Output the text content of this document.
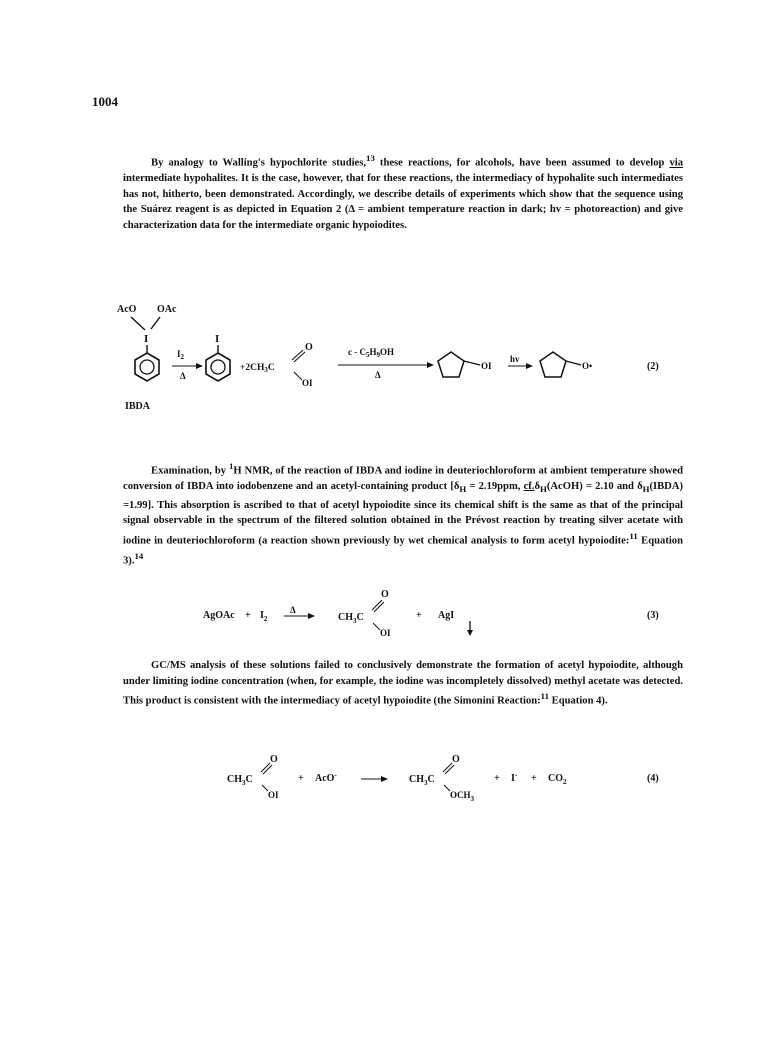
1004

By analogy to Walling's hypochlorite studies,$^{13}$ these reactions, for alcohols, have been assumed to develop via intermediate hypohalites. It is the case, however, that for these reactions, the intermediacy of hypohalite such intermediates has not, hitherto, been demonstrated. Accordingly, we describe details of experiments which show that the sequence using the Suárez reagent is as depicted in Equation 2 (Δ = ambient temperature reaction in dark; hv = photoreaction) and give characterization data for the intermediate organic hypoiodites.

AcO OAc
I
IBDA
$I_2$
Δ
I
$+2CH_3C$
O
OI
c - $C_5H_9OH$
Δ
OI
hv
O•	(2)

Examination, by $^1$H NMR, of the reaction of IBDA and iodine in deuteriochloroform at ambient temperature showed conversion of IBDA into iodobenzene and an acetyl-containing product [$\delta_H = 2.19ppm$, $cf.\delta_H(AcOH) = 2.10$ and $\delta_H(IBDA) =1.99$]. This absorption is ascribed to that of acetyl hypoiodite since its chemical shift is the same as that of the principal signal observable in the spectrum of the filtered solution obtained in the Prévost reaction by treating silver acetate with iodine in deuteriochloroform (a reaction shown previously by wet chemical analysis to form acetyl hypoiodite:$^{11}$ Equation 3).$^{14}$

AgOAc + $I_2$
Δ
$CH_3C$
O
OI
+ AgI	(3)

GC/MS analysis of these solutions failed to conclusively demonstrate the formation of acetyl hypoiodite, although under limiting iodine concentration (when, for example, the iodine was incompletely dissolved) methyl acetate was detected. This product is consistent with the intermediacy of acetyl hypoiodite (the Simonini Reaction:$^{11}$ Equation 4).

$CH_3C$
O
OI
+ AcO-	$CH_3C$
O
$OCH_3$
+ $I^- + CO_2$	(4)
